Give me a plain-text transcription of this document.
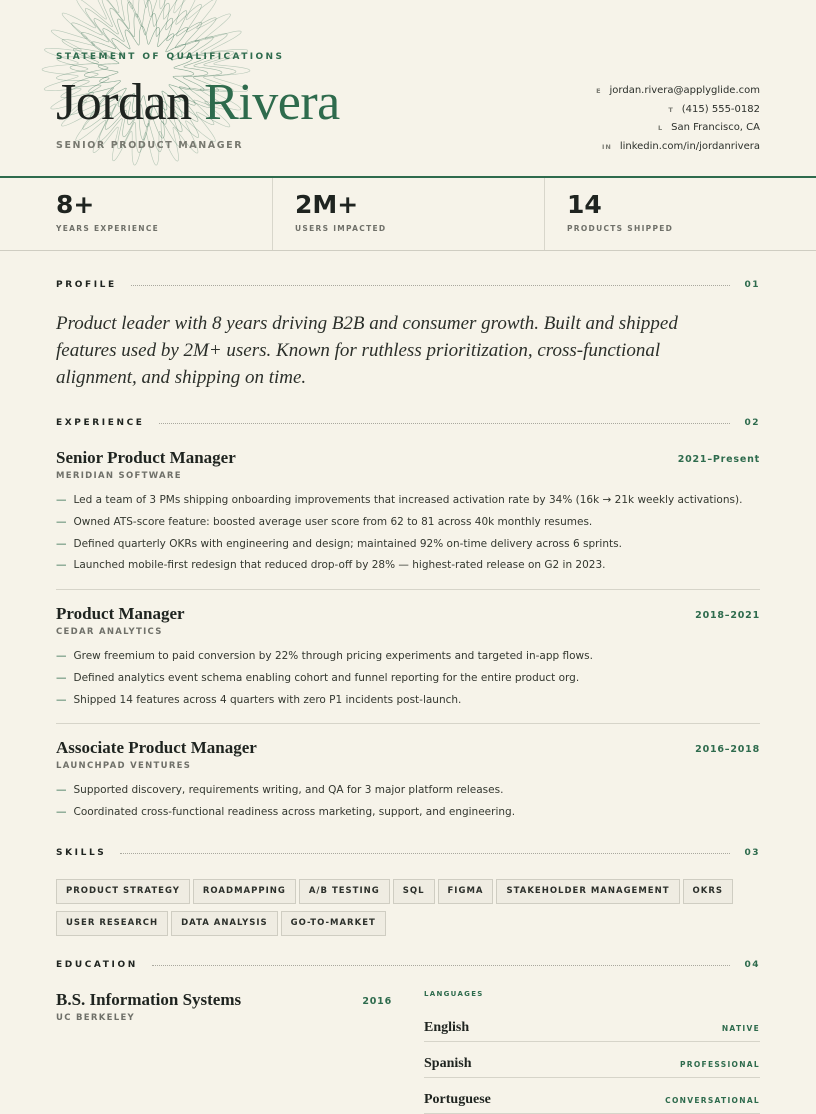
STATEMENT OF QUALIFICATIONS
Jordan Rivera
SENIOR PRODUCT MANAGER
E jordan.rivera@applyglide.com
T (415) 555-0182
L San Francisco, CA
IN linkedin.com/in/jordanrivera
8+
YEARS EXPERIENCE
2M+
USERS IMPACTED
14
PRODUCTS SHIPPED
PROFILE	01

Product leader with 8 years driving B2B and consumer growth. Built and shipped features used by 2M+ users. Known for ruthless prioritization, cross-functional alignment, and shipping on time.

EXPERIENCE	02
Senior Product Manager	2021–Present
MERIDIAN SOFTWARE
— Led a team of 3 PMs shipping onboarding improvements that increased activation rate by 34% (16k → 21k weekly activations).
— Owned ATS-score feature: boosted average user score from 62 to 81 across 40k monthly resumes.
— Defined quarterly OKRs with engineering and design; maintained 92% on-time delivery across 6 sprints.
— Launched mobile-first redesign that reduced drop-off by 28% — highest-rated release on G2 in 2023.
Product Manager	2018–2021
CEDAR ANALYTICS
— Grew freemium to paid conversion by 22% through pricing experiments and targeted in-app flows.
— Defined analytics event schema enabling cohort and funnel reporting for the entire product org.
— Shipped 14 features across 4 quarters with zero P1 incidents post-launch.
Associate Product Manager	2016–2018
LAUNCHPAD VENTURES
— Supported discovery, requirements writing, and QA for 3 major platform releases.
— Coordinated cross-functional readiness across marketing, support, and engineering.
SKILLS	03
PRODUCT STRATEGY	ROADMAPPING	A/B TESTING	SQL	FIGMA	STAKEHOLDER MANAGEMENT	OKRS
USER RESEARCH	DATA ANALYSIS	GO-TO-MARKET
EDUCATION	04
B.S. Information Systems	2016
UC BERKELEY
LANGUAGES
English	NATIVE
Spanish	PROFESSIONAL
Portuguese	CONVERSATIONAL
